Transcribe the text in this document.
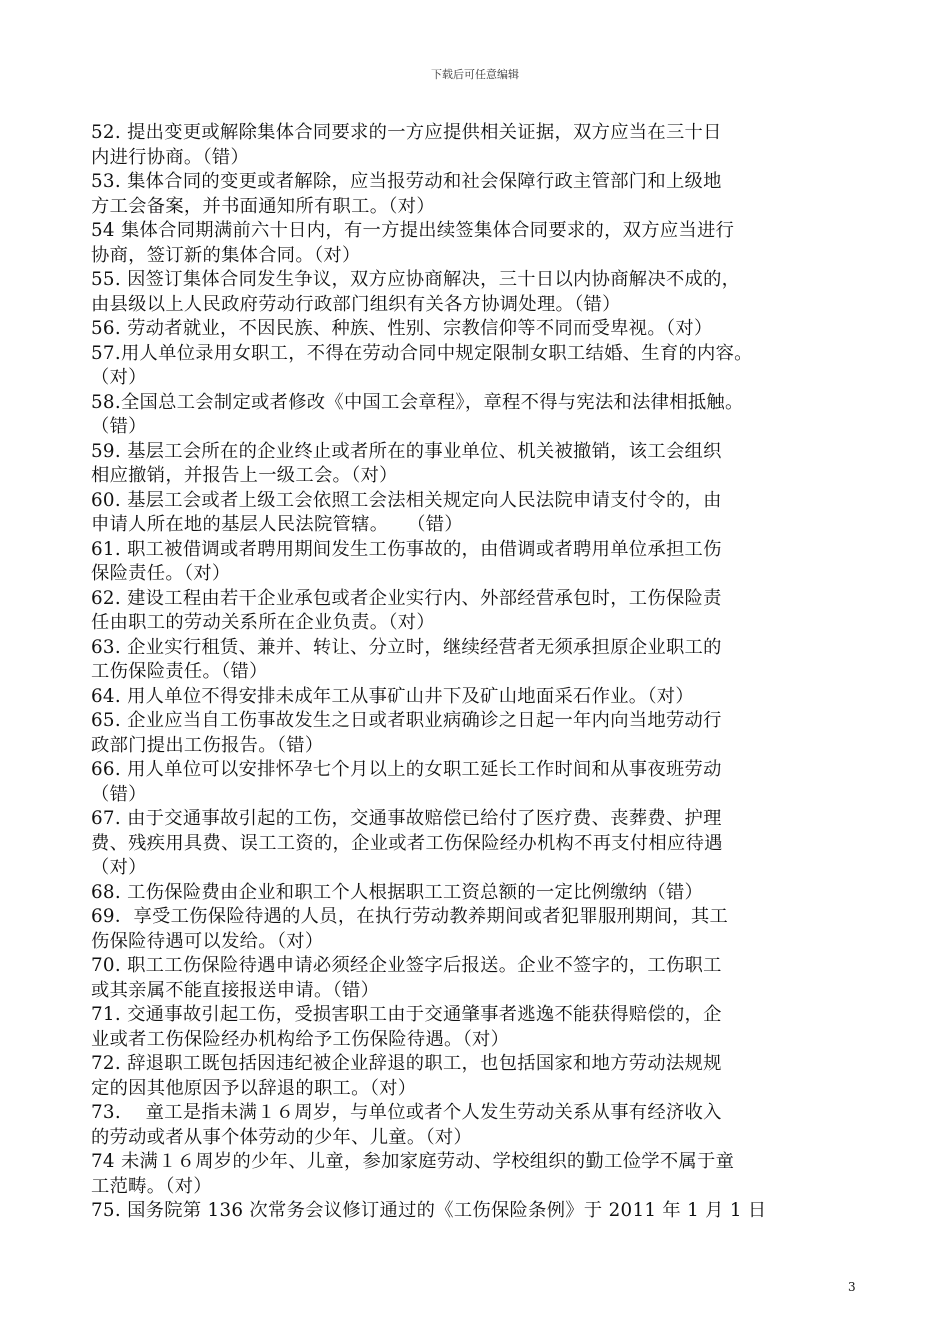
下载后可任意编辑
52. 提出变更或解除集体合同要求的一方应提供相关证据，双方应当在三十日
内进行协商。（错）
53. 集体合同的变更或者解除，应当报劳动和社会保障行政主管部门和上级地
方工会备案，并书面通知所有职工。（对）
54 集体合同期满前六十日内，有一方提出续签集体合同要求的，双方应当进行
协商，签订新的集体合同。（对）
55. 因签订集体合同发生争议，双方应协商解决，三十日以内协商解决不成的，
由县级以上人民政府劳动行政部门组织有关各方协调处理。（错）
56. 劳动者就业，不因民族、种族、性别、宗教信仰等不同而受卑视。（对）
57.用人单位录用女职工，不得在劳动合同中规定限制女职工结婚、生育的内容。
（对）
58.全国总工会制定或者修改《中国工会章程》，章程不得与宪法和法律相抵触。
（错）
59. 基层工会所在的企业终止或者所在的事业单位、机关被撤销，该工会组织
相应撤销，并报告上一级工会。（对）
60. 基层工会或者上级工会依照工会法相关规定向人民法院申请支付令的，由
申请人所在地的基层人民法院管辖。　　（错）
61. 职工被借调或者聘用期间发生工伤事故的，由借调或者聘用单位承担工伤
保险责任。（对）
62. 建设工程由若干企业承包或者企业实行内、外部经营承包时，工伤保险责
任由职工的劳动关系所在企业负责。（对）
63. 企业实行租赁、兼并、转让、分立时，继续经营者无须承担原企业职工的
工伤保险责任。（错）
64. 用人单位不得安排未成年工从事矿山井下及矿山地面采石作业。（对）
65. 企业应当自工伤事故发生之日或者职业病确诊之日起一年内向当地劳动行
政部门提出工伤报告。（错）
66. 用人单位可以安排怀孕七个月以上的女职工延长工作时间和从事夜班劳动
（错）
67. 由于交通事故引起的工伤，交通事故赔偿已给付了医疗费、丧葬费、护理
费、残疾用具费、误工工资的，企业或者工伤保险经办机构不再支付相应待遇
（对）
68. 工伤保险费由企业和职工个人根据职工工资总额的一定比例缴纳（错）
69．享受工伤保险待遇的人员，在执行劳动教养期间或者犯罪服刑期间，其工
伤保险待遇可以发给。（对）
70. 职工工伤保险待遇申请必须经企业签字后报送。企业不签字的，工伤职工
或其亲属不能直接报送申请。（错）
71. 交通事故引起工伤，受损害职工由于交通肇事者逃逸不能获得赔偿的，企
业或者工伤保险经办机构给予工伤保险待遇。（对）
72. 辞退职工既包括因违纪被企业辞退的职工，也包括国家和地方劳动法规规
定的因其他原因予以辞退的职工。（对）
73.　 童工是指未满１６周岁，与单位或者个人发生劳动关系从事有经济收入
的劳动或者从事个体劳动的少年、儿童。（对）
74 未满１６周岁的少年、儿童，参加家庭劳动、学校组织的勤工俭学不属于童
工范畴。（对）
75. 国务院第 136 次常务会议修订通过的《工伤保险条例》于 2011 年 1 月 1 日
3
